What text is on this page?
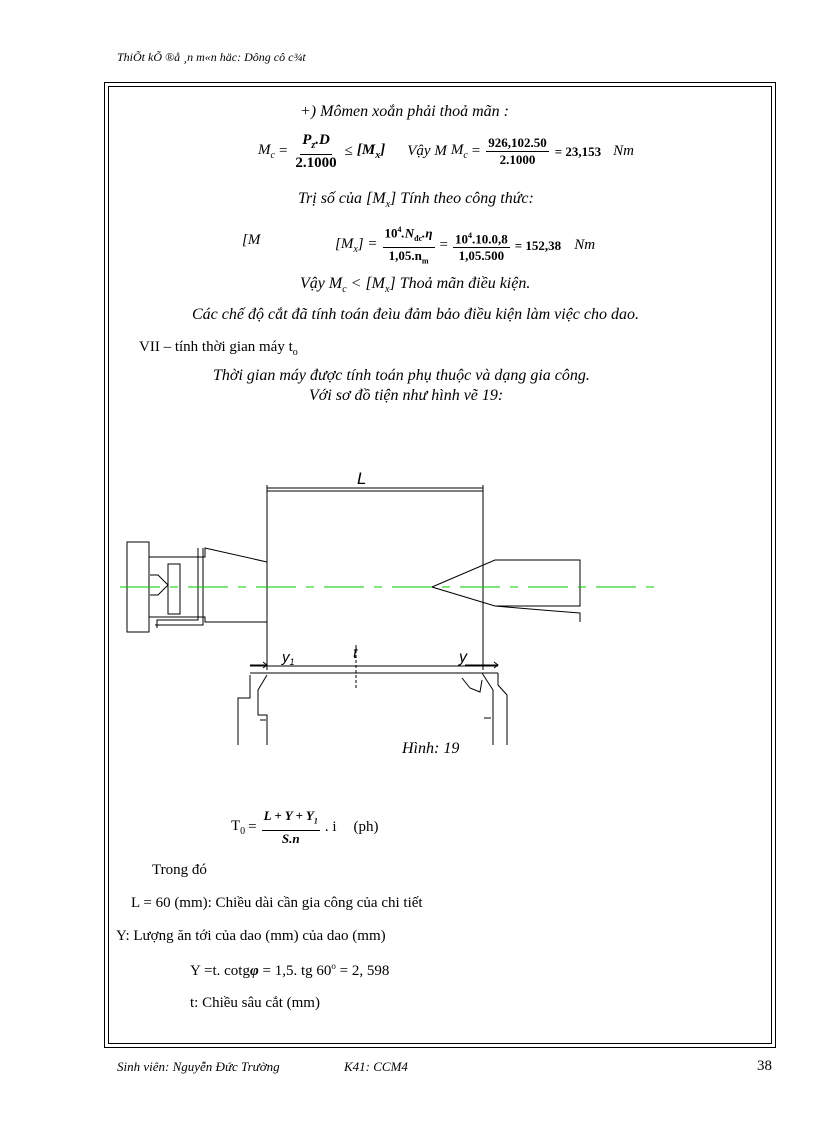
ThiÕt kÕ ®å ¸n m«n häc: Dông cô c¾t
+) Mômen xoắn phải thoả mãn :
$M_c = \frac{P_z.D}{2.1000} \le [M_x]$ Vậy M $M_c = \frac{926,102.50}{2.1000} = 23,153$ Nm
Trị số của $[M_x]$ Tính theo công thức:
[M	$[M_x] = \frac{10^4.N_{đc}.\eta}{1,05.n_m} = \frac{10^4.10.0,8}{1,05.500} = 152,38$ Nm
Vậy $M_c < [M_x]$ Thoả mãn điều kiện.
Các chế độ cắt đã tính toán đeìu đảm bảo điều kiện làm việc cho dao.
VII – tính thời gian máy $t_o$
Thời gian máy được tính toán phụ thuộc và dạng gia công.
Với sơ đồ tiện như hình vẽ 19:
L
$y_1$	t	y
Hình: 19
$T_0 = \frac{L + Y + Y_1}{S.n}$ . i (ph)
Trong đó
L = 60 (mm): Chiều dài cần gia công của chi tiết
Y: Lượng ăn tới của dao (mm) của dao (mm)
Y =t. cotgφ = 1,5. tg $60^o = 2$, 598
t: Chiều sâu cắt (mm)
Sinh viên: Nguyễn Đức Trường	K41: CCM4	38
